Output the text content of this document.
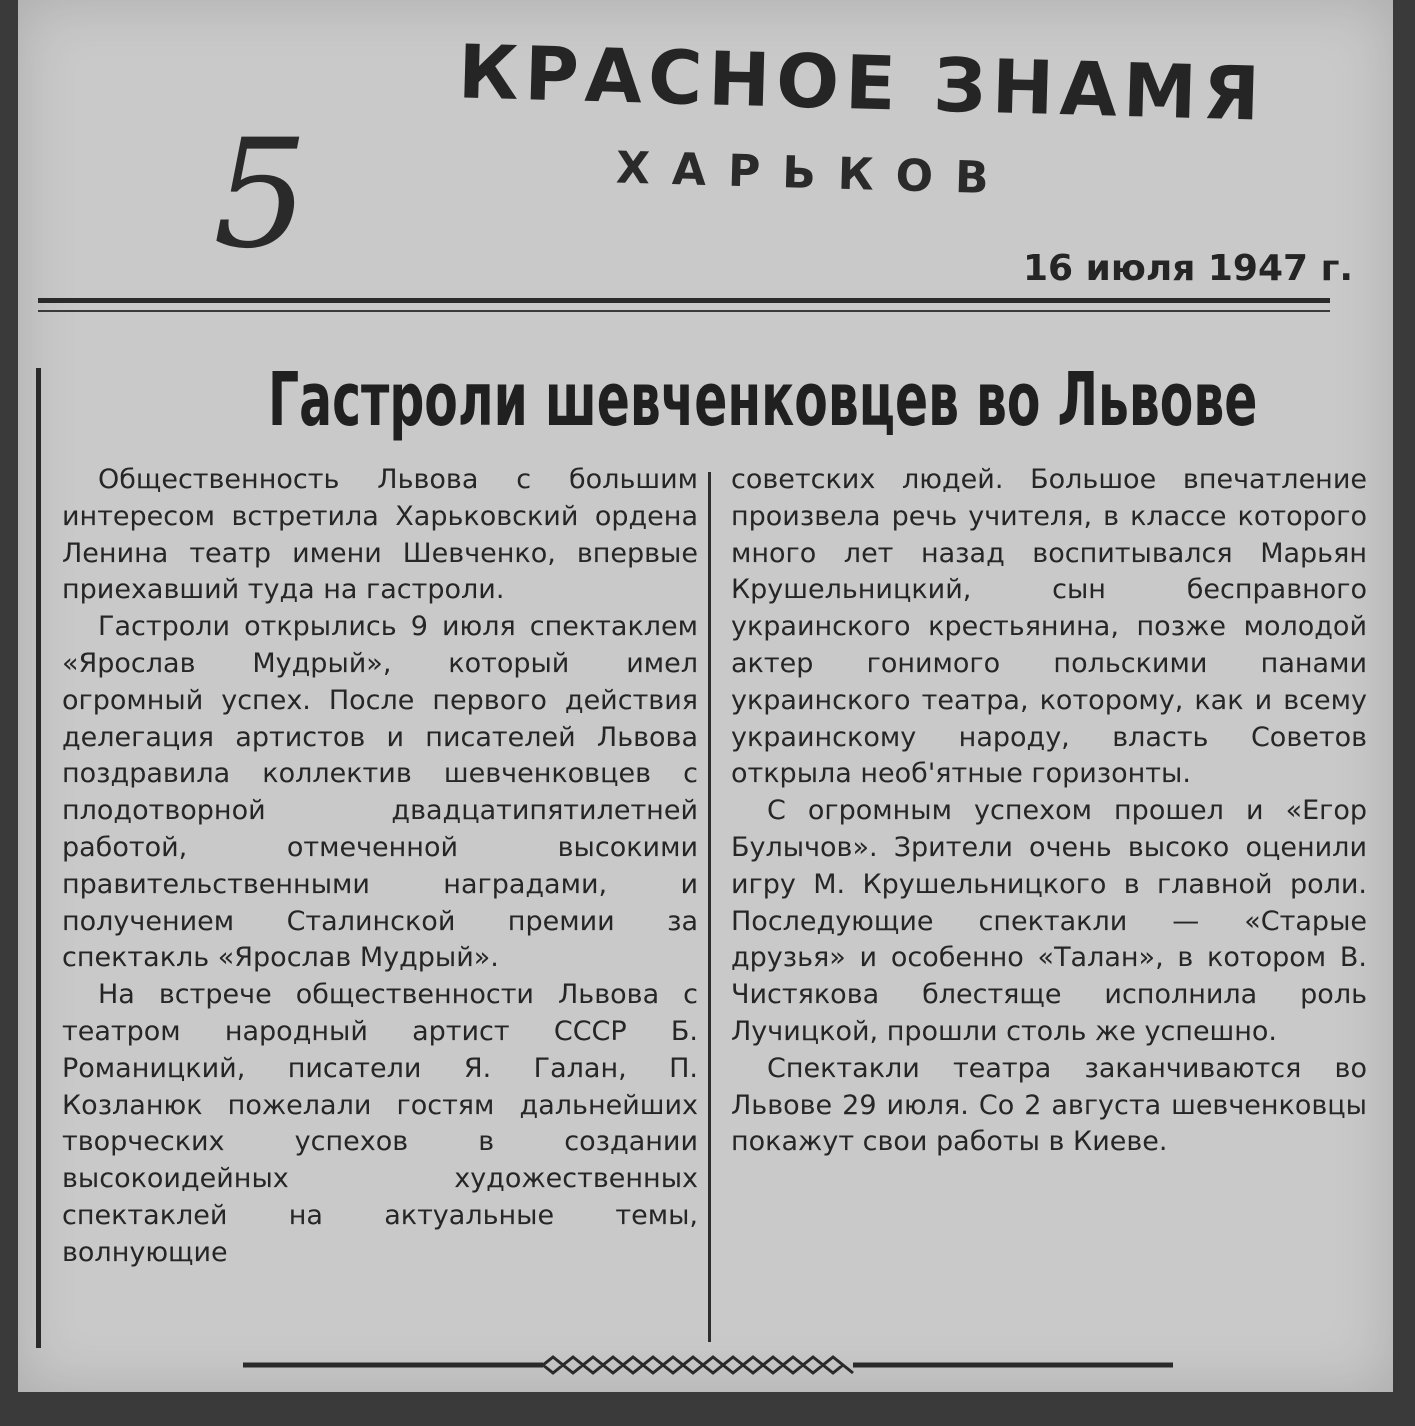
КРАСНОЕ ЗНАМЯ
ХАРЬКОВ
5	16 июля 1947 г.
Гастроли шевченковцев во Львове

Общественность Львова с большим интересом встретила Харьковский ордена Ленина театр имени Шевченко, впервые приехавший туда на гастроли.

Гастроли открылись 9 июля спектаклем «Ярослав Мудрый», который имел огромный успех. После первого действия делегация артистов и писателей Львова поздравила коллектив шевченковцев с плодотворной двадцатипятилетней работой, отмеченной высокими правительственными наградами, и получением Сталинской премии за спектакль «Ярослав Мудрый».

На встрече общественности Львова с театром народный артист СССР Б. Романицкий, писатели Я. Галан, П. Козланюк пожелали гостям дальнейших творческих успехов в создании высокоидейных художественных спектаклей на актуальные темы, волнующие

советских людей. Большое впечатление произвела речь учителя, в классе которого много лет назад воспитывался Марьян Крушельницкий, сын бесправного украинского крестьянина, позже молодой актер гонимого польскими панами украинского театра, которому, как и всему украинскому народу, власть Советов открыла необ'ятные горизонты.

С огромным успехом прошел и «Егор Булычов». Зрители очень высоко оценили игру М. Крушельницкого в главной роли. Последующие спектакли — «Старые друзья» и особенно «Талан», в котором В. Чистякова блестяще исполнила роль Лучицкой, прошли столь же успешно.

Спектакли театра заканчиваются во Львове 29 июля. Со 2 августа шевченковцы покажут свои работы в Киеве.
